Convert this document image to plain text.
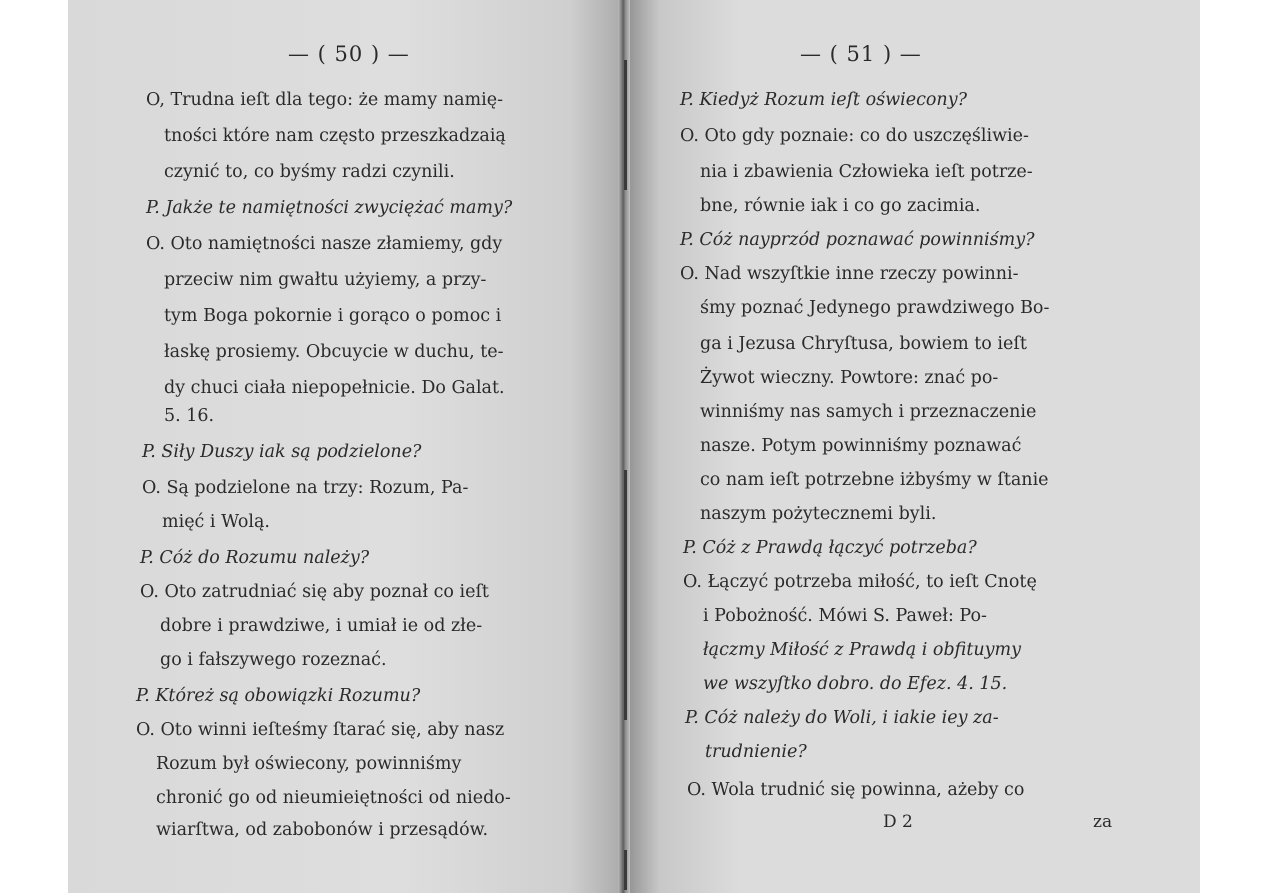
— ( 50 ) —
O, Trudna ieſt dla tego: że mamy namię-
tności które nam często przeszkadzaią
czynić to, co byśmy radzi czynili.
P. Jakże te namiętności zwyciężać mamy?
O. Oto namiętności nasze złamiemy, gdy
przeciw nim gwałtu użyiemy, a przy-
tym Boga pokornie i gorąco o pomoc i
łaskę prosiemy. Obcuycie w duchu, te-
dy chuci ciała niepopełnicie. Do Galat.
5. 16.
P. Siły Duszy iak są podzielone?
O. Są podzielone na trzy: Rozum, Pa-
mięć i Wolą.
P. Cóż do Rozumu należy?
O. Oto zatrudniać się aby poznał co ieſt
dobre i prawdziwe, i umiał ie od złe-
go i fałszywego rozeznać.
P. Któreż są obowiązki Rozumu?
O. Oto winni ieſteśmy ſtarać się, aby nasz
Rozum był oświecony, powinniśmy
chronić go od nieumieiętności od niedo-
wiarſtwa, od zabobonów i przesądów.
— ( 51 ) —
P. Kiedyż Rozum ieſt oświecony?
O. Oto gdy poznaie: co do uszczęśliwie-
nia i zbawienia Człowieka ieſt potrze-
bne, równie iak i co go zacimia.
P. Cóż nayprzód poznawać powinniśmy?
O. Nad wszyſtkie inne rzeczy powinni-
śmy poznać Jedynego prawdziwego Bo-
ga i Jezusa Chryſtusa, bowiem to ieſt
Żywot wieczny. Powtore: znać po-
winniśmy nas samych i przeznaczenie
nasze. Potym powinniśmy poznawać
co nam ieſt potrzebne iżbyśmy w ſtanie
naszym pożytecznemi byli.
P. Cóż z Prawdą łączyć potrzeba?
O. Łączyć potrzeba miłość, to ieſt Cnotę
i Pobożność. Mówi S. Paweł: Po-
łączmy Miłość z Prawdą i obfituymy
we wszyſtko dobro. do Efez. 4. 15.
P. Cóż należy do Woli, i iakie iey za-
trudnienie?
O. Wola trudnić się powinna, ażeby co
D 2	za
